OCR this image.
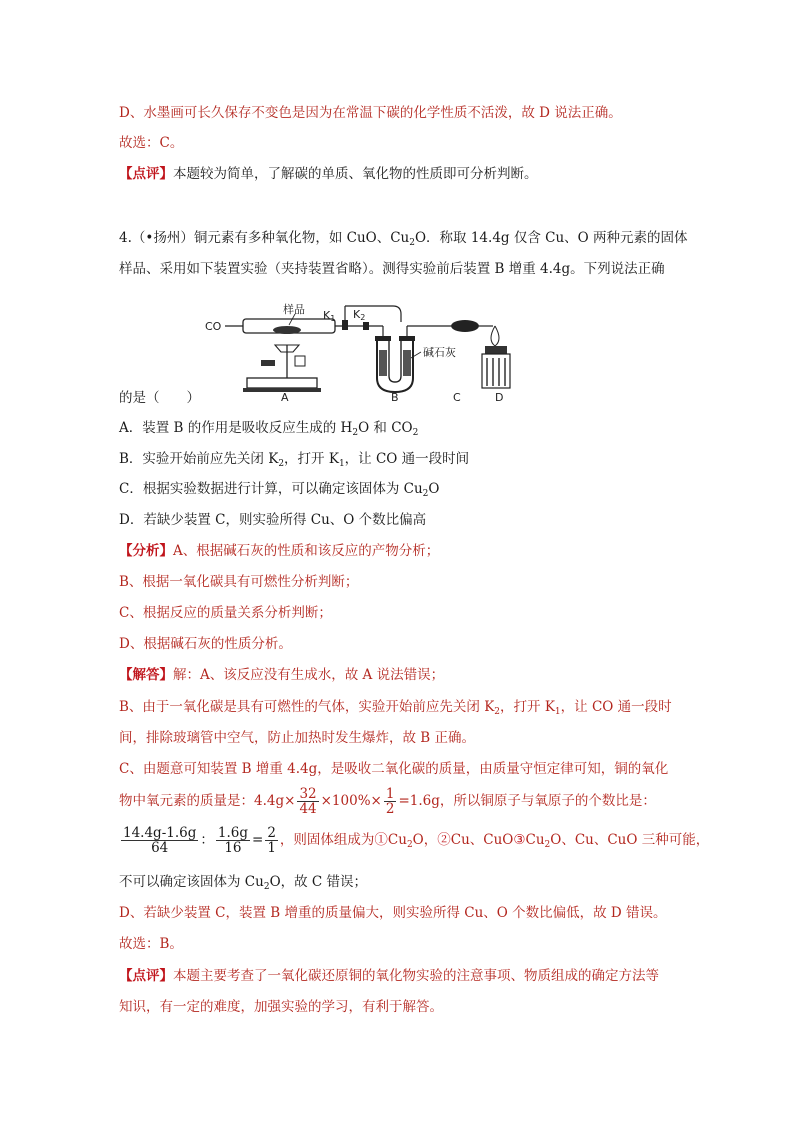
D、水墨画可长久保存不变色是因为在常温下碳的化学性质不活泼，故 D 说法正确。
故选：C。
【点评】本题较为简单，了解碳的单质、氧化物的性质即可分析判断。
4.（•扬州）铜元素有多种氧化物，如 CuO、$Cu_2O$．称取 14.4g 仅含 Cu、O 两种元素的固体
样品、采用如下装置实验（夹持装置省略）。测得实验前后装置 B 增重 4.4g。下列说法正确
CO
样品
A
K1 K2
碱石灰
B	C	D
的是（　　）
A．装置 B 的作用是吸收反应生成的 $H_2O$ 和 $CO_2$
B．实验开始前应先关闭 $K_2$，打开 $K_1$，让 CO 通一段时间
C．根据实验数据进行计算，可以确定该固体为 $Cu_2O$
D．若缺少装置 C，则实验所得 Cu、O 个数比偏高
【分析】A、根据碱石灰的性质和该反应的产物分析；
B、根据一氧化碳具有可燃性分析判断；
C、根据反应的质量关系分析判断；
D、根据碱石灰的性质分析。
【解答】解：A、该反应没有生成水，故 A 说法错误；
B、由于一氧化碳是具有可燃性的气体，实验开始前应先关闭 $K_2$，打开 $K_1$，让 CO 通一段时
间，排除玻璃管中空气，防止加热时发生爆炸，故 B 正确。
C、由题意可知装置 B 增重 4.4g，是吸收二氧化碳的质量，由质量守恒定律可知，铜的氧化
物中氧元素的质量是：$4.4g\times \frac{32}{44} \times 100\%\times \frac{1}{2} =1.6g$，所以铜原子与氧原子的个数比是：
$\frac{14.4g-1.6g}{64}$ ： $\frac{1.6g}{16} = \frac{2}{1}$ ，则固体组成为$①Cu_2O$，②Cu、$CuO③Cu_2O$、Cu、CuO 三种可能，
不可以确定该固体为 $Cu_2O$，故 C 错误；
D、若缺少装置 C，装置 B 增重的质量偏大，则实验所得 Cu、O 个数比偏低，故 D 错误。
故选：B。
【点评】本题主要考查了一氧化碳还原铜的氧化物实验的注意事项、物质组成的确定方法等
知识，有一定的难度，加强实验的学习，有利于解答。
